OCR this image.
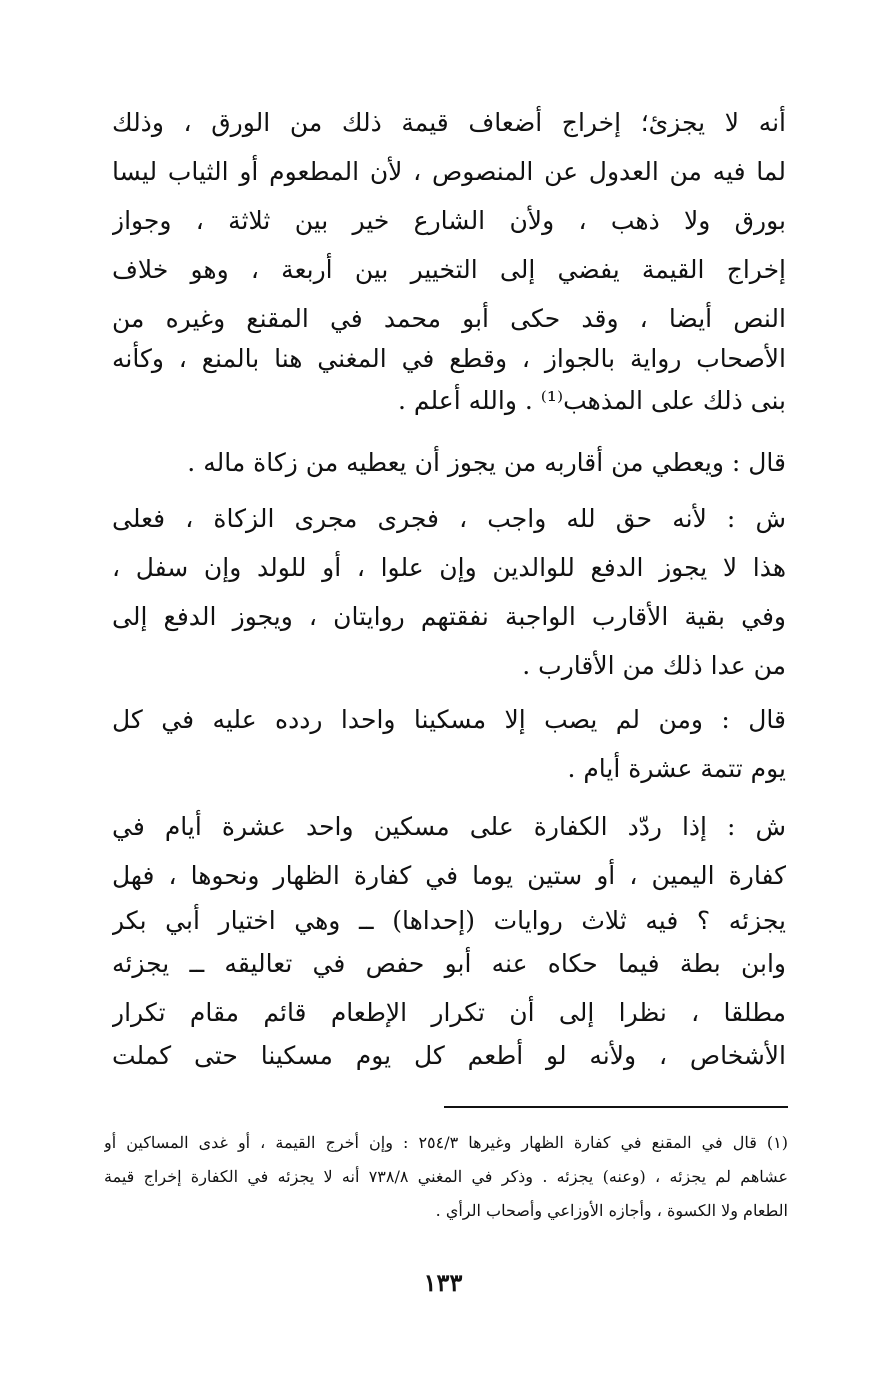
أنه لا يجزئ؛ إخراج أضعاف قيمة ذلك من الورق ، وذلك
لما فيه من العدول عن المنصوص ، لأن المطعوم أو الثياب ليسا
بورق ولا ذهب ، ولأن الشارع خير بين ثلاثة ، وجواز
إخراج القيمة يفضي إلى التخيير بين أربعة ، وهو خلاف
النص أيضا ، وقد حكى أبو محمد في المقنع وغيره من
الأصحاب رواية بالجواز ، وقطع في المغني هنا بالمنع ، وكأنه
بنى ذلك على المذهب⁽¹⁾ . والله أعلم .
قال : ويعطي من أقاربه من يجوز أن يعطيه من زكاة ماله .
ش : لأنه حق لله واجب ، فجرى مجرى الزكاة ، فعلى
هذا لا يجوز الدفع للوالدين وإن علوا ، أو للولد وإن سفل ،
وفي بقية الأقارب الواجبة نفقتهم روايتان ، ويجوز الدفع إلى
من عدا ذلك من الأقارب .
قال : ومن لم يصب إلا مسكينا واحدا ردده عليه في كل
يوم تتمة عشرة أيام .
ش : إذا ردّد الكفارة على مسكين واحد عشرة أيام في
كفارة اليمين ، أو ستين يوما في كفارة الظهار ونحوها ، فهل
يجزئه ؟ فيه ثلاث روايات (إحداها) ــ وهي اختيار أبي بكر
وابن بطة فيما حكاه عنه أبو حفص في تعاليقه ــ يجزئه
مطلقا ، نظرا إلى أن تكرار الإطعام قائم مقام تكرار
الأشخاص ، ولأنه لو أطعم كل يوم مسكينا حتى كملت
(١) قال في المقنع في كفارة الظهار وغيرها ٢٥٤/٣ : وإن أخرج القيمة ، أو غدى المساكين أو
عشاهم لم يجزئه ، (وعنه) يجزئه . وذكر في المغني ٧٣٨/٨ أنه لا يجزئه في الكفارة إخراج قيمة
الطعام ولا الكسوة ، وأجازه الأوزاعي وأصحاب الرأي .
١٣٣
